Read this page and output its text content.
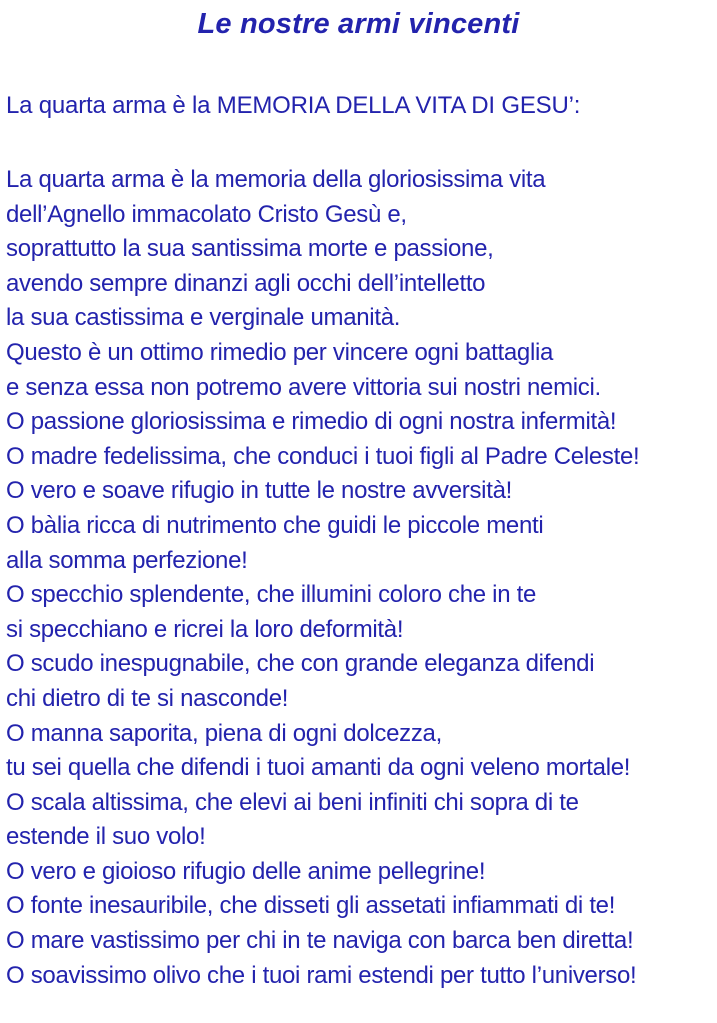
Le nostre armi vincenti

La quarta arma è la MEMORIA DELLA VITA DI GESU’:

La quarta arma è la memoria della gloriosissima vita
dell’Agnello immacolato Cristo Gesù e,
soprattutto la sua santissima morte e passione,
avendo sempre dinanzi agli occhi dell’intelletto
la sua castissima e verginale umanità.
Questo è un ottimo rimedio per vincere ogni battaglia
e senza essa non potremo avere vittoria sui nostri nemici.
O passione gloriosissima e rimedio di ogni nostra infermità!
O madre fedelissima, che conduci i tuoi figli al Padre Celeste!
O vero e soave rifugio in tutte le nostre avversità!
O bàlia ricca di nutrimento che guidi le piccole menti
alla somma perfezione!
O specchio splendente, che illumini coloro che in te
si specchiano e ricrei la loro deformità!
O scudo inespugnabile, che con grande eleganza difendi
chi dietro di te si nasconde!
O manna saporita, piena di ogni dolcezza,
tu sei quella che difendi i tuoi amanti da ogni veleno mortale!
O scala altissima, che elevi ai beni infiniti chi sopra di te
estende il suo volo!
O vero e gioioso rifugio delle anime pellegrine!
O fonte inesauribile, che disseti gli assetati infiammati di te!
O mare vastissimo per chi in te naviga con barca ben diretta!
O soavissimo olivo che i tuoi rami estendi per tutto l’universo!
